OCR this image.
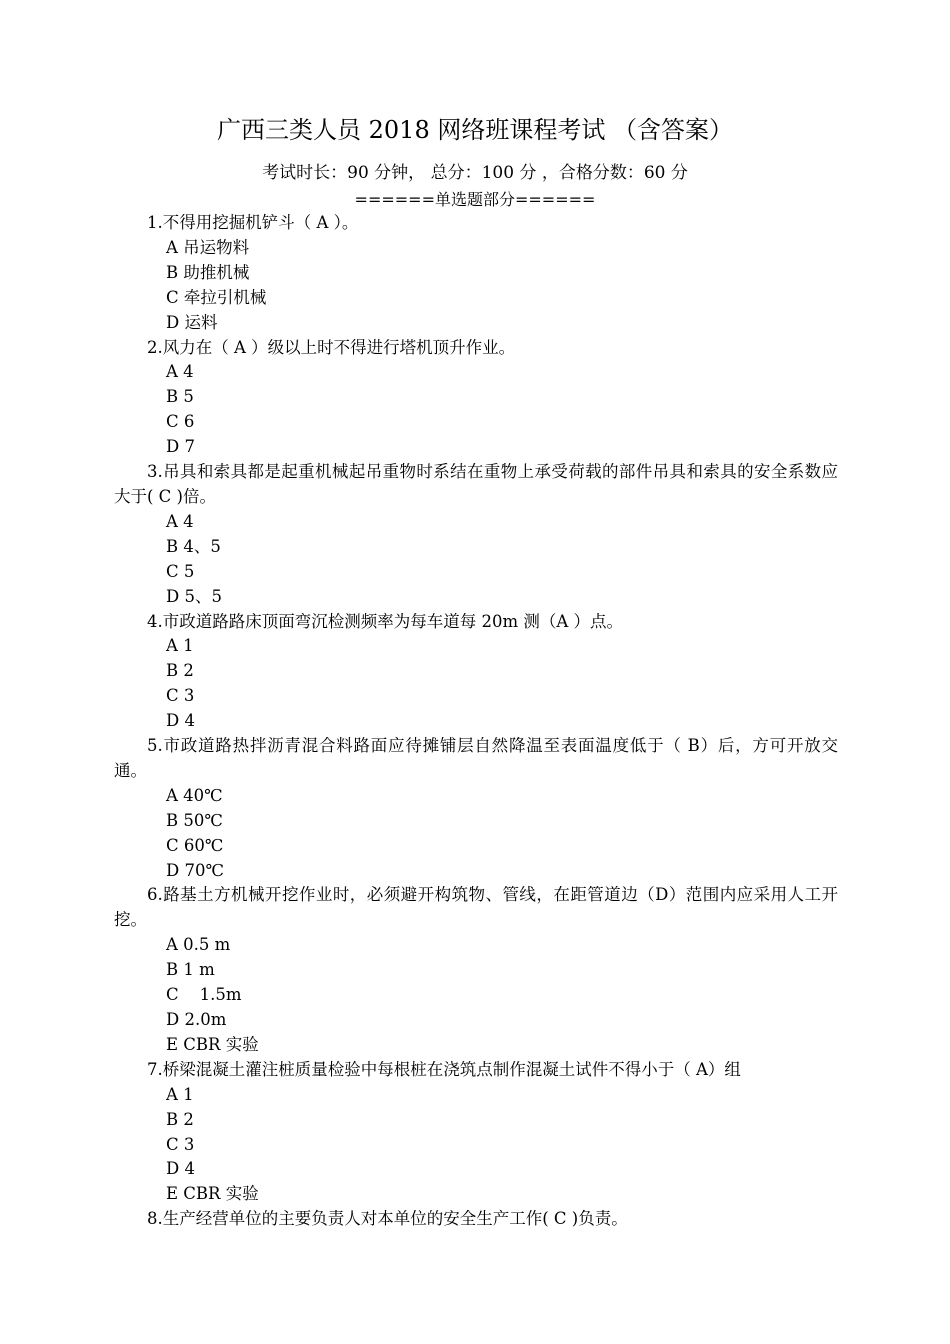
广西三类人员 2018 网络班课程考试 （含答案）
考试时长：90 分钟， 总分：100 分 ，合格分数：60 分
======单选题部分======

1.不得用挖掘机铲斗（ A ）。

A 吊运物料

B 助推机械

C 牵拉引机械

D 运料

2.风力在（ A ）级以上时不得进行塔机顶升作业。

A 4

B 5

C 6

D 7

3.吊具和索具都是起重机械起吊重物时系结在重物上承受荷载的部件吊具和索具的安全系数应大于( C )倍。

A 4

B 4、5

C 5

D 5、5

4.市政道路路床顶面弯沉检测频率为每车道每 20m 测（A ）点。

A 1

B 2

C 3

D 4

5.市政道路热拌沥青混合料路面应待摊铺层自然降温至表面温度低于（ B）后，方可开放交通。

A 40℃

B 50℃

C 60℃

D 70℃

6.路基土方机械开挖作业时，必须避开构筑物、管线，在距管道边（D）范围内应采用人工开挖。

A 0.5 m

B 1 m

C    1.5m

D 2.0m

E CBR 实验

7.桥梁混凝土灌注桩质量检验中每根桩在浇筑点制作混凝土试件不得小于（ A）组

A 1

B 2

C 3

D 4

E CBR 实验

8.生产经营单位的主要负责人对本单位的安全生产工作( C )负责。
